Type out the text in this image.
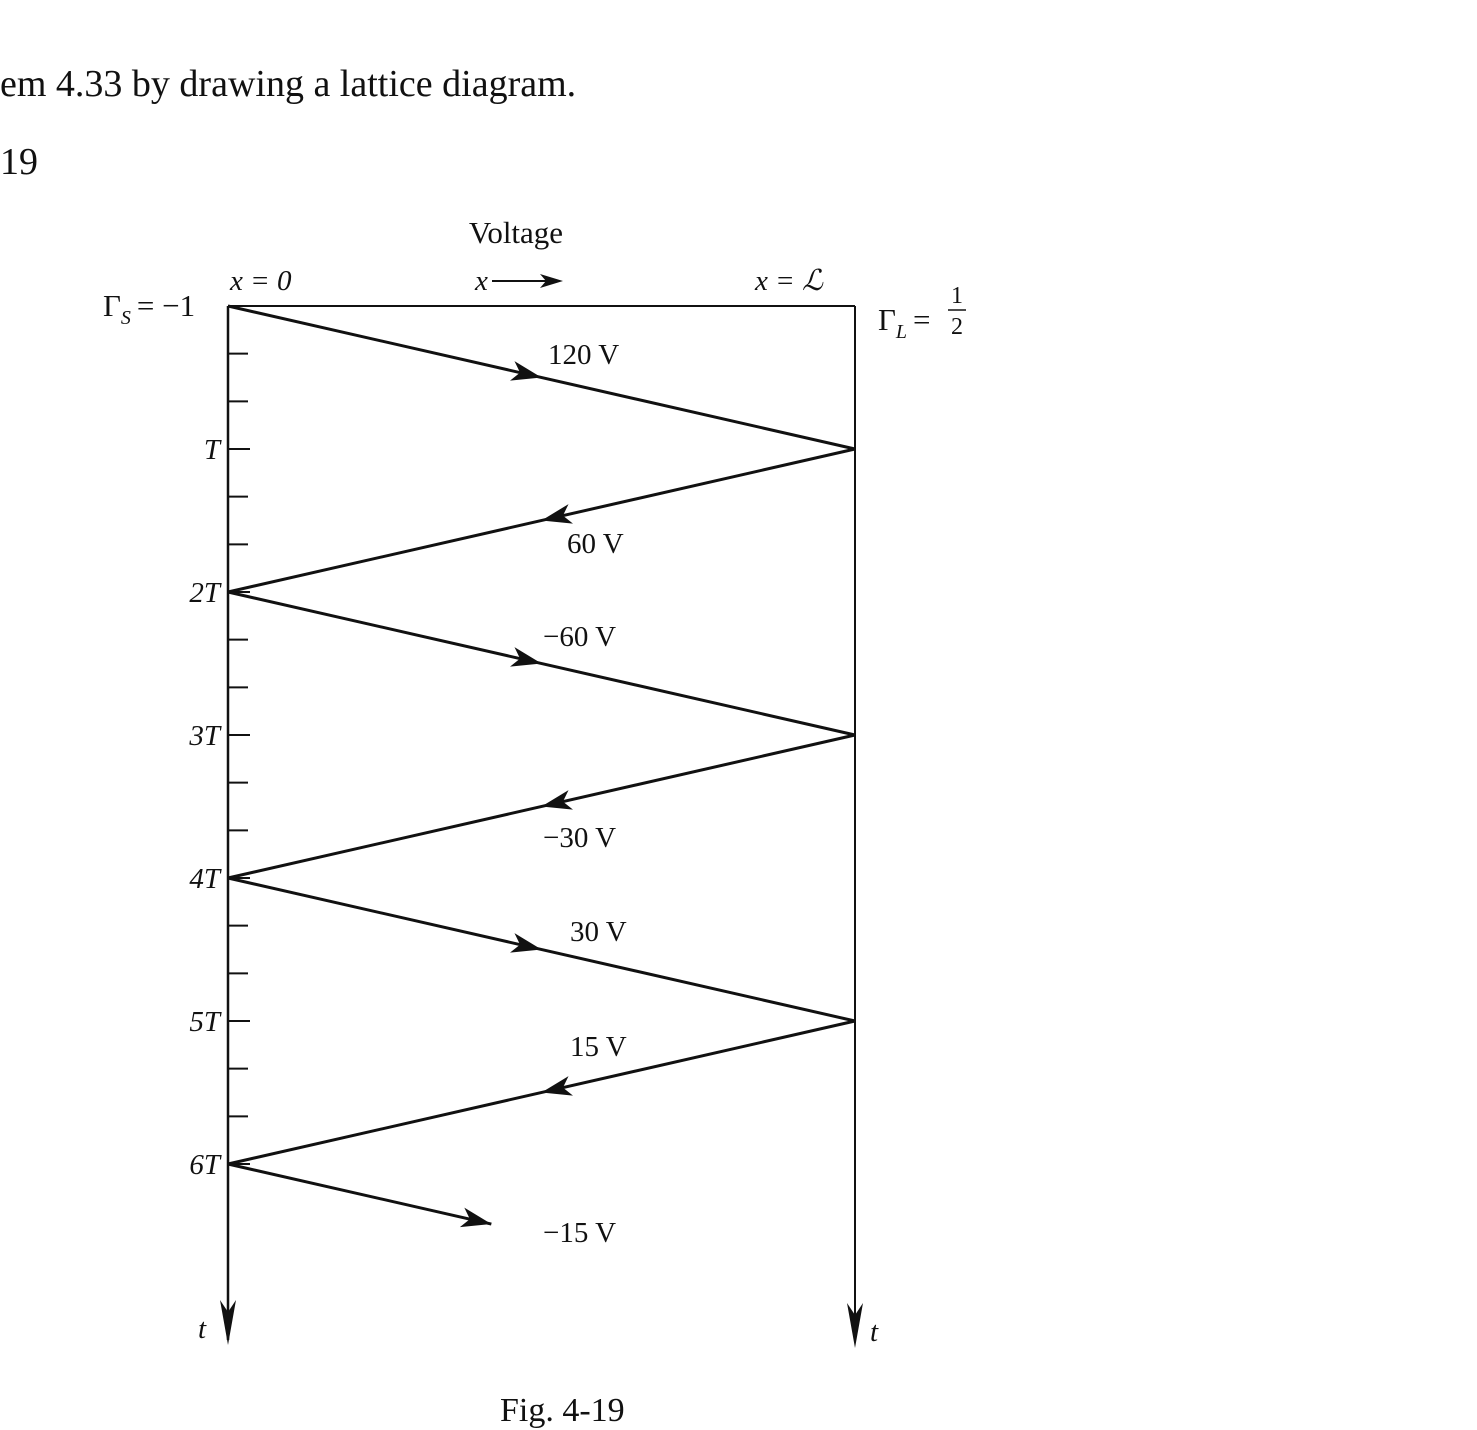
em 4.33 by drawing a lattice diagram.
19
Voltage
x = 0	x	x = ℒ
$\Gamma_S = -1$	$\Gamma_L$ =
1
2
t	t
T
2T
3T
4T
5T
6T
120 V
60 V
−60 V
−30 V
30 V
15 V
−15 V
Fig. 4-19
